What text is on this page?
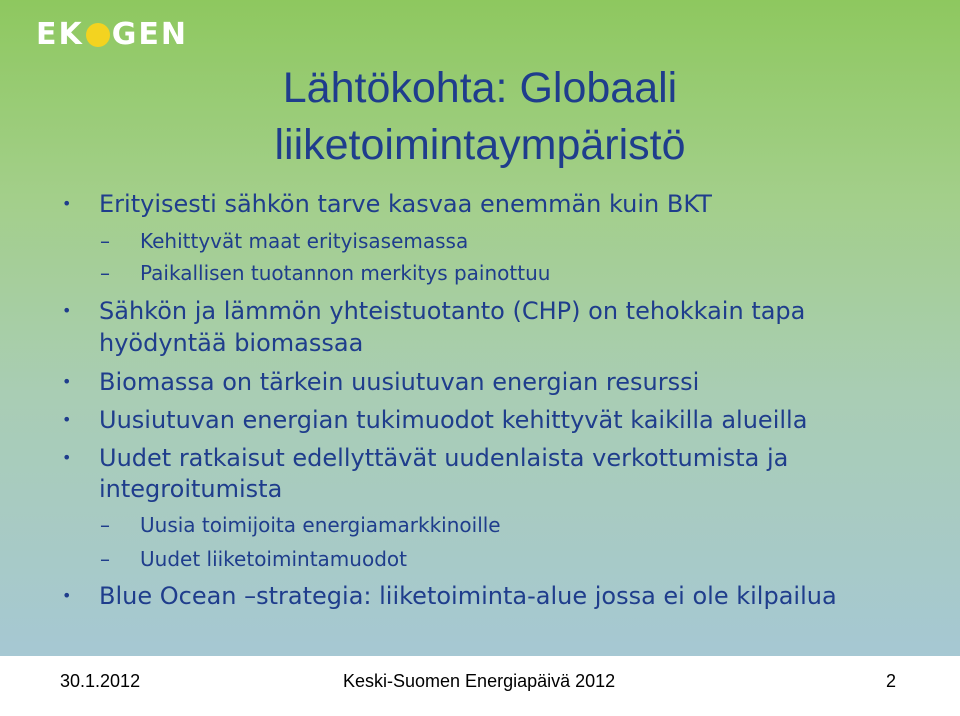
EK GEN
Lähtökohta: Globaali
liiketoimintaympäristö
• Erityisesti sähkön tarve kasvaa enemmän kuin BKT
– Kehittyvät maat erityisasemassa
– Paikallisen tuotannon merkitys painottuu
• Sähkön ja lämmön yhteistuotanto (CHP) on tehokkain tapa
hyödyntää biomassaa
• Biomassa on tärkein uusiutuvan energian resurssi
• Uusiutuvan energian tukimuodot kehittyvät kaikilla alueilla
• Uudet ratkaisut edellyttävät uudenlaista verkottumista ja
integroitumista
– Uusia toimijoita energiamarkkinoille
– Uudet liiketoimintamuodot
• Blue Ocean –strategia: liiketoiminta-alue jossa ei ole kilpailua
30.1.2012	Keski-Suomen Energiapäivä 2012	2
